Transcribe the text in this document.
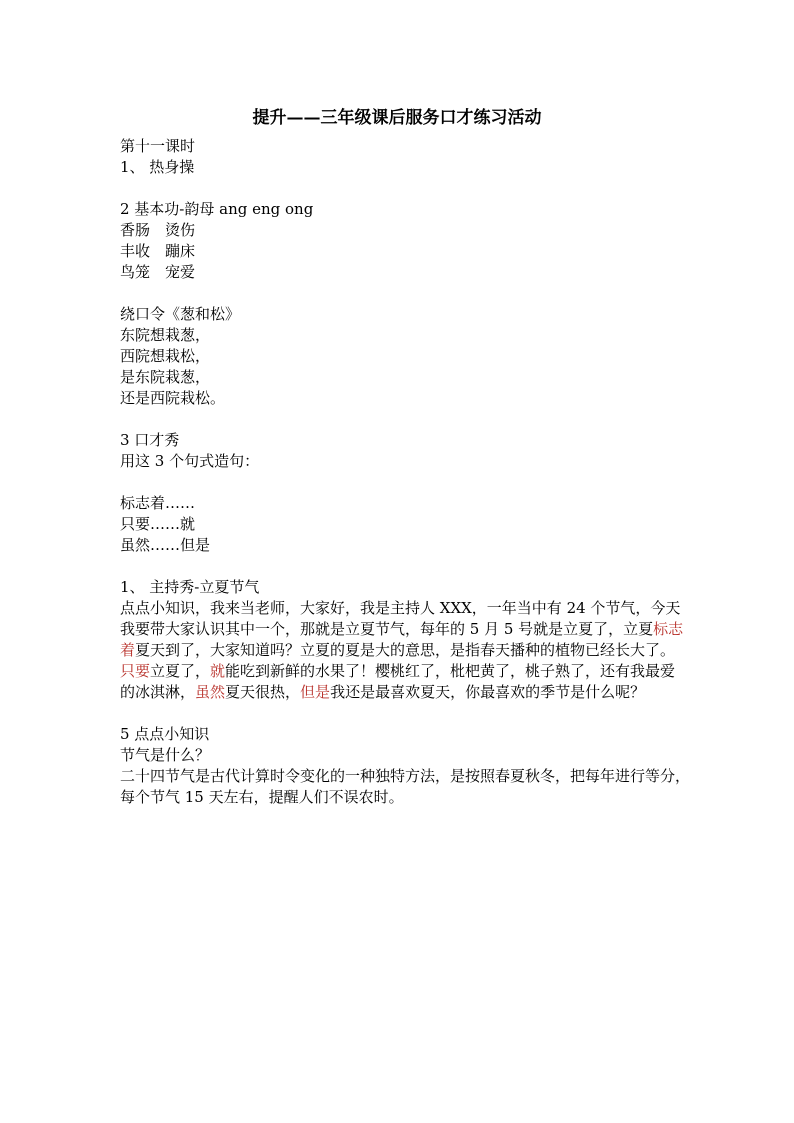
提升——三年级课后服务口才练习活动
第十一课时
1、 热身操
2 基本功-韵母 ang eng ong
香肠　烫伤
丰收　蹦床
鸟笼　宠爱
绕口令《葱和松》
东院想栽葱，
西院想栽松，
是东院栽葱，
还是西院栽松。
3 口才秀
用这 3 个句式造句：
标志着……
只要……就
虽然……但是
1、 主持秀-立夏节气
点点小知识，我来当老师，大家好，我是主持人 XXX，一年当中有 24 个节气，今天我要带大家认识其中一个，那就是立夏节气，每年的 5 月 5 号就是立夏了，立夏标志着夏天到了，大家知道吗？立夏的夏是大的意思，是指春天播种的植物已经长大了。只要立夏了，就能吃到新鲜的水果了！樱桃红了，枇杷黄了，桃子熟了，还有我最爱的冰淇淋，虽然夏天很热，但是我还是最喜欢夏天，你最喜欢的季节是什么呢？
5 点点小知识
节气是什么？
二十四节气是古代计算时令变化的一种独特方法，是按照春夏秋冬，把每年进行等分，每个节气 15 天左右，提醒人们不误农时。
